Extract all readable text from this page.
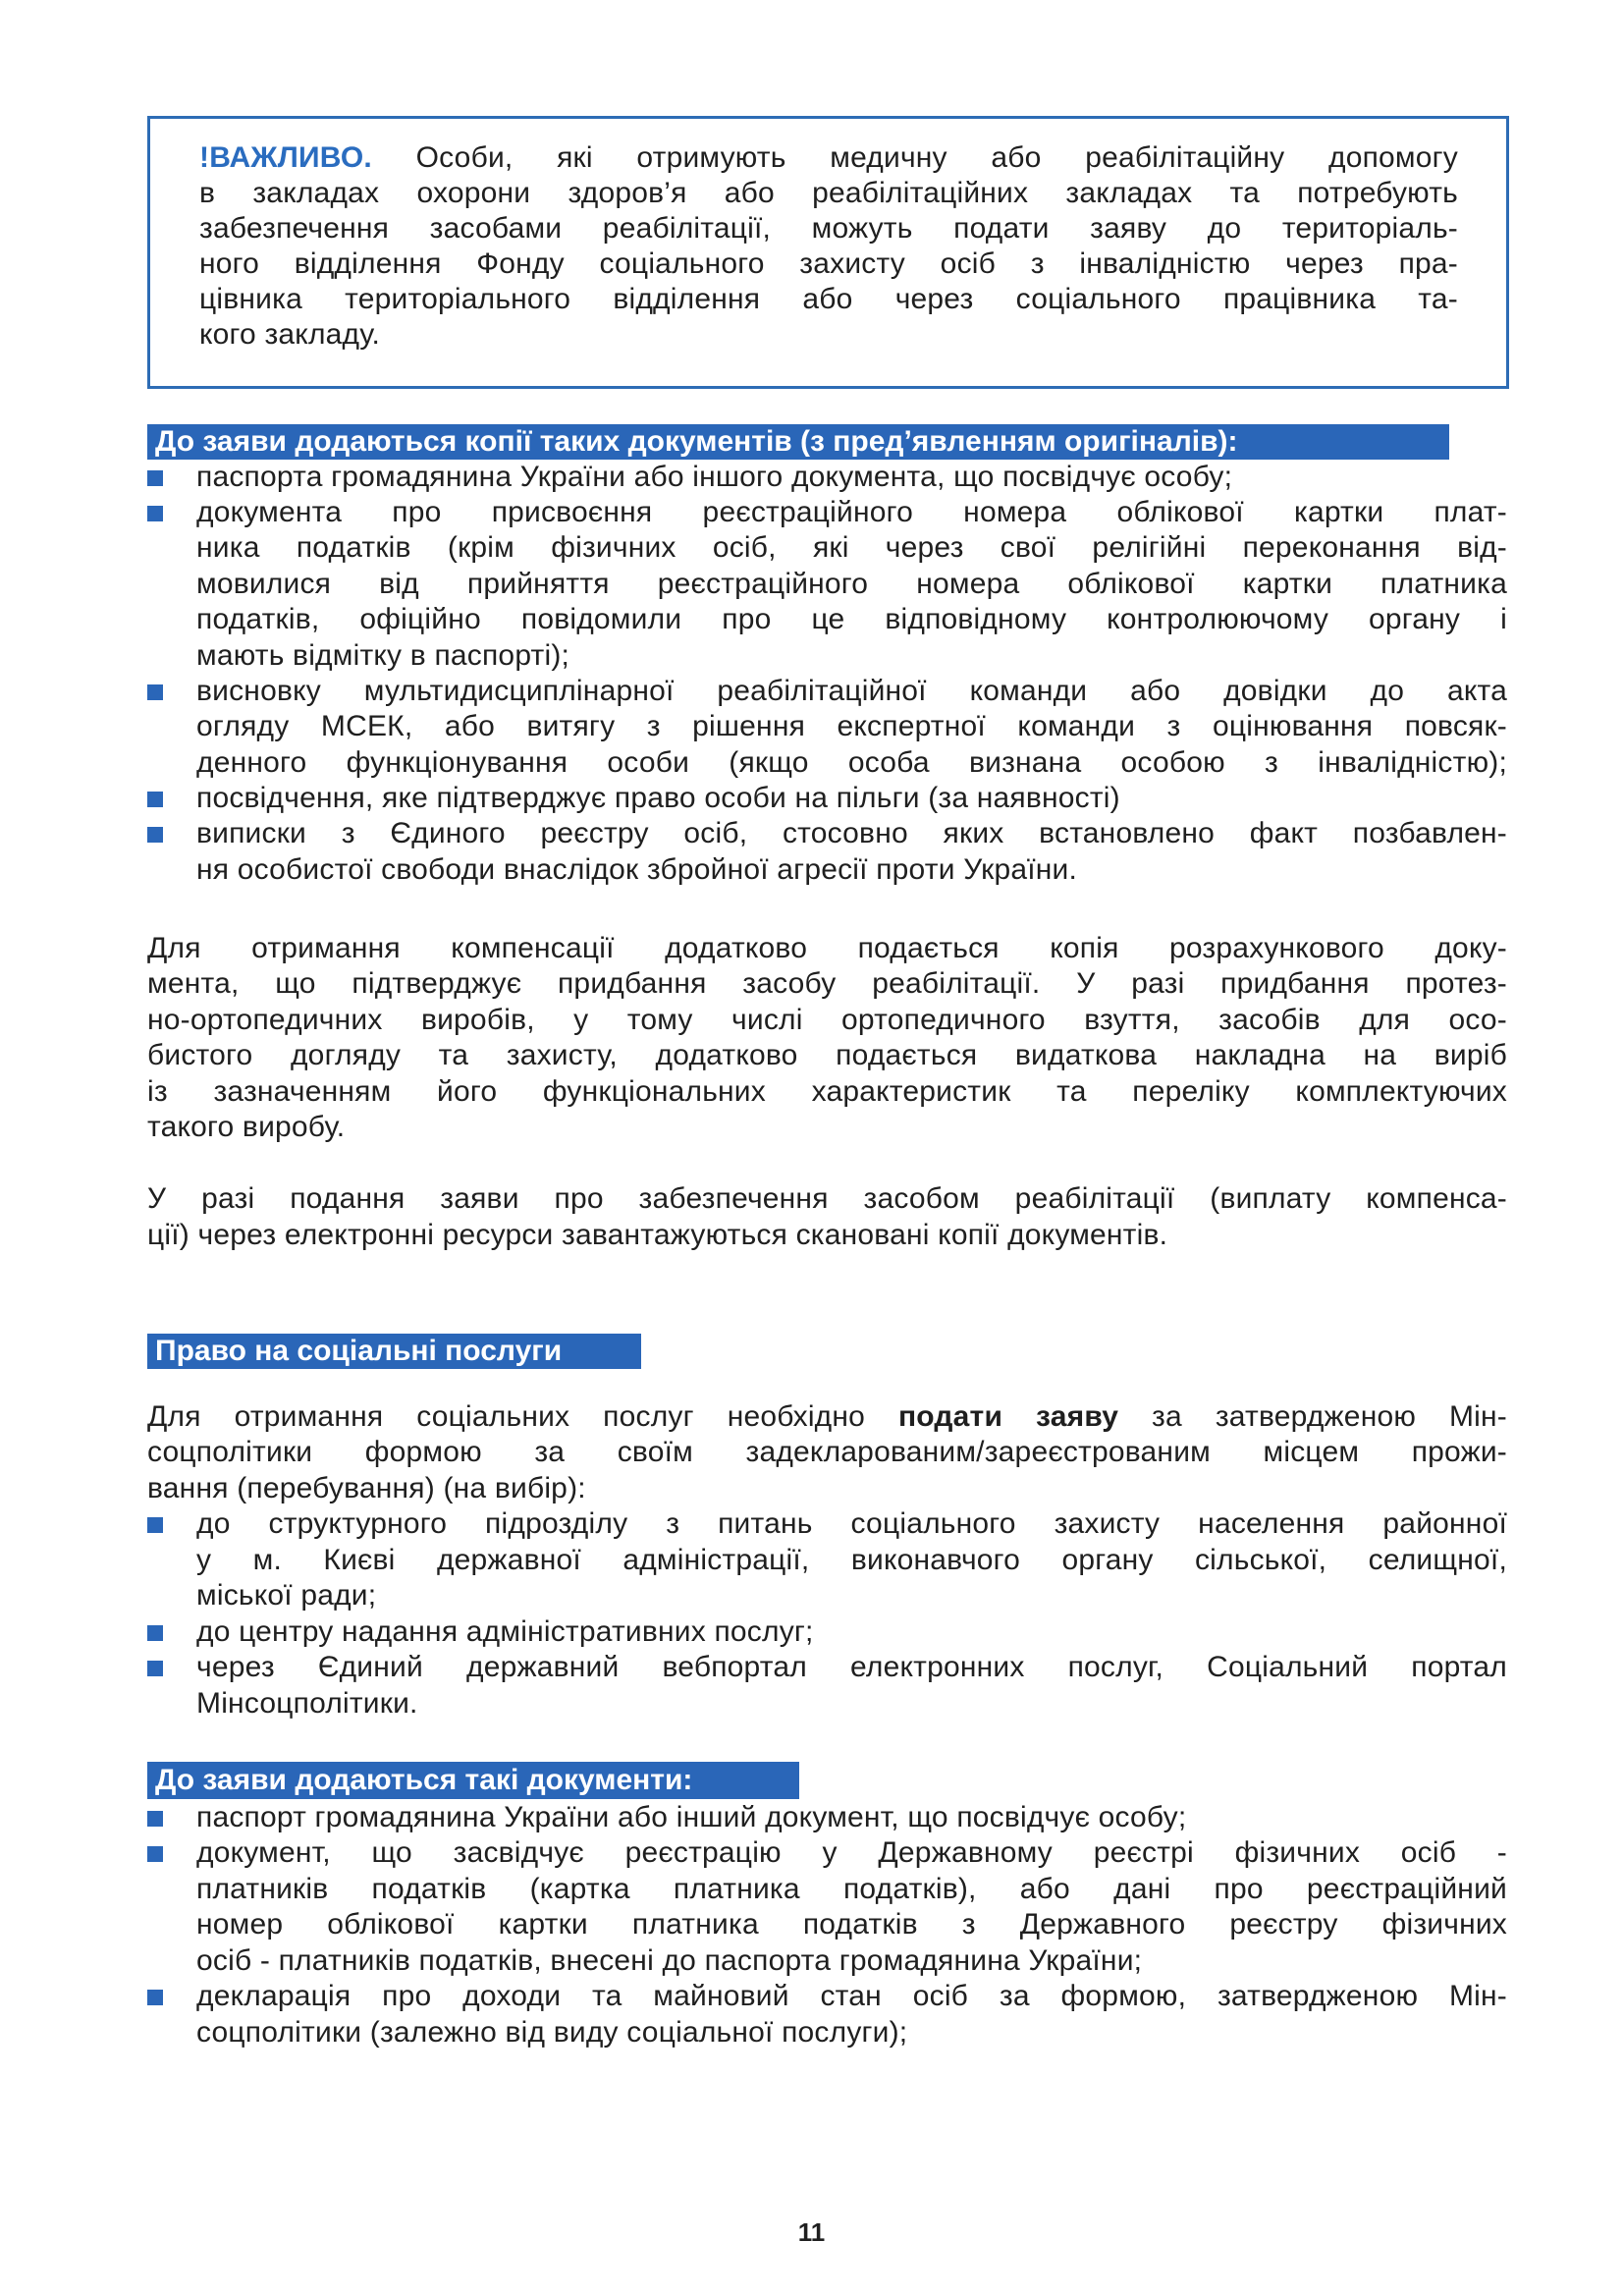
!ВАЖЛИВО. Особи, які отримують медичну або реабілітаційну допомогу
в закладах охорони здоров’я або реабілітаційних закладах та потребують
забезпечення засобами реабілітації, можуть подати заяву до територіаль-
ного відділення Фонду соціального захисту осіб з інвалідністю через пра-
цівника територіального відділення або через соціального працівника та-
кого закладу.
До заяви додаються копії таких документів (з пред’явленням оригіналів):
паспорта громадянина України або іншого документа, що посвідчує особу;
документа про присвоєння реєстраційного номера облікової картки плат-
ника податків (крім фізичних осіб, які через свої релігійні переконання від-
мовилися від прийняття реєстраційного номера облікової картки платника
податків, офіційно повідомили про це відповідному контролюючому органу і
мають відмітку в паспорті);
висновку мультидисциплінарної реабілітаційної команди або довідки до акта
огляду МСЕК, або витягу з рішення експертної команди з оцінювання повсяк-
денного функціонування особи (якщо особа визнана особою з інвалідністю);
посвідчення, яке підтверджує право особи на пільги (за наявності)
виписки з Єдиного реєстру осіб, стосовно яких встановлено факт позбавлен-
ня особистої свободи внаслідок збройної агресії проти України.
Для отримання компенсації додатково подається копія розрахункового доку-
мента, що підтверджує придбання засобу реабілітації. У разі придбання протез-
но-ортопедичних виробів, у тому числі ортопедичного взуття, засобів для осо-
бистого догляду та захисту, додатково подається видаткова накладна на виріб
із зазначенням його функціональних характеристик та переліку комплектуючих
такого виробу.
У разі подання заяви про забезпечення засобом реабілітації (виплату компенса-
ції) через електронні ресурси завантажуються скановані копії документів.
Право на соціальні послуги
Для отримання соціальних послуг необхідно подати заяву за затвердженою Мін-
соцполітики формою за своїм задекларованим/зареєстрованим місцем прожи-
вання (перебування) (на вибір):
до структурного підрозділу з питань соціального захисту населення районної
у м. Києві державної адміністрації, виконавчого органу сільської, селищної,
міської ради;
до центру надання адміністративних послуг;
через Єдиний державний вебпортал електронних послуг, Соціальний портал
Мінсоцполітики.
До заяви додаються такі документи:
паспорт громадянина України або інший документ, що посвідчує особу;
документ, що засвідчує реєстрацію у Державному реєстрі фізичних осіб -
платників податків (картка платника податків), або дані про реєстраційний
номер облікової картки платника податків з Державного реєстру фізичних
осіб - платників податків, внесені до паспорта громадянина України;
декларація про доходи та майновий стан осіб за формою, затвердженою Мін-
соцполітики (залежно від виду соціальної послуги);
11
